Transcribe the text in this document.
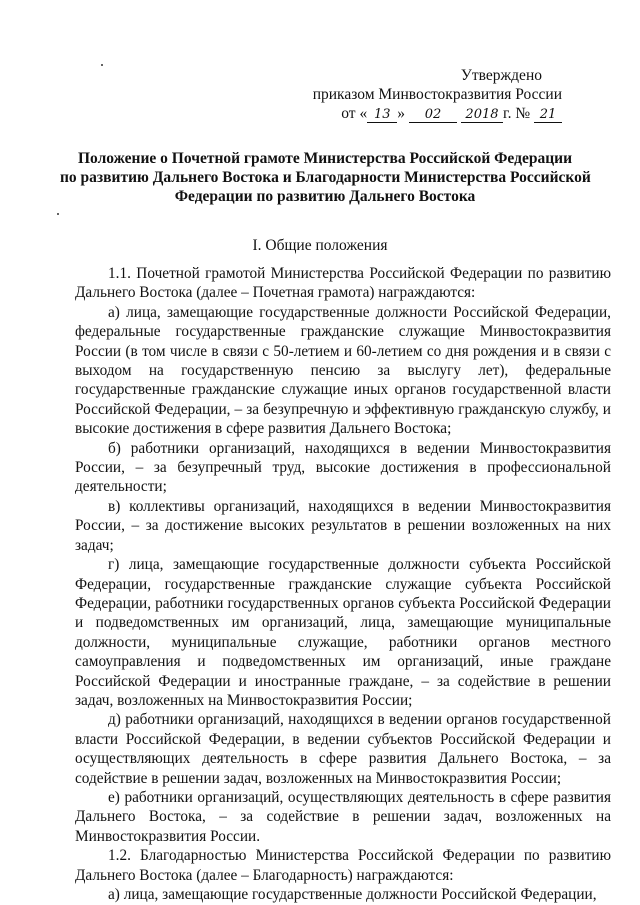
Утверждено
приказом Минвостокразвития России
от « 13 » 02 2018 г. № 21
Положение о Почетной грамоте Министерства Российской Федерации
по развитию Дальнего Востока и Благодарности Министерства Российской
Федерации по развитию Дальнего Востока
I. Общие положения

1.1. Почетной грамотой Министерства Российской Федерации по развитию Дальнего Востока (далее – Почетная грамота) награждаются:

а) лица, замещающие государственные должности Российской Федерации, федеральные государственные гражданские служащие Минвостокразвития России (в том числе в связи с 50-летием и 60-летием со дня рождения и в связи с выходом на государственную пенсию за выслугу лет), федеральные государственные гражданские служащие иных органов государственной власти Российской Федерации, – за безупречную и эффективную гражданскую службу, и высокие достижения в сфере развития Дальнего Востока;

б) работники организаций, находящихся в ведении Минвостокразвития России, – за безупречный труд, высокие достижения в профессиональной деятельности;

в) коллективы организаций, находящихся в ведении Минвостокразвития России, – за достижение высоких результатов в решении возложенных на них задач;

г) лица, замещающие государственные должности субъекта Российской Федерации, государственные гражданские служащие субъекта Российской Федерации, работники государственных органов субъекта Российской Федерации и подведомственных им организаций, лица, замещающие муниципальные должности, муниципальные служащие, работники органов местного самоуправления и подведомственных им организаций, иные граждане Российской Федерации и иностранные граждане, – за содействие в решении задач, возложенных на Минвостокразвития России;

д) работники организаций, находящихся в ведении органов государственной власти Российской Федерации, в ведении субъектов Российской Федерации и осуществляющих деятельность в сфере развития Дальнего Востока, – за содействие в решении задач, возложенных на Минвостокразвития России;

е) работники организаций, осуществляющих деятельность в сфере развития Дальнего Востока, – за содействие в решении задач, возложенных на Минвостокразвития России.

1.2. Благодарностью Министерства Российской Федерации по развитию Дальнего Востока (далее – Благодарность) награждаются:

а) лица, замещающие государственные должности Российской Федерации,
